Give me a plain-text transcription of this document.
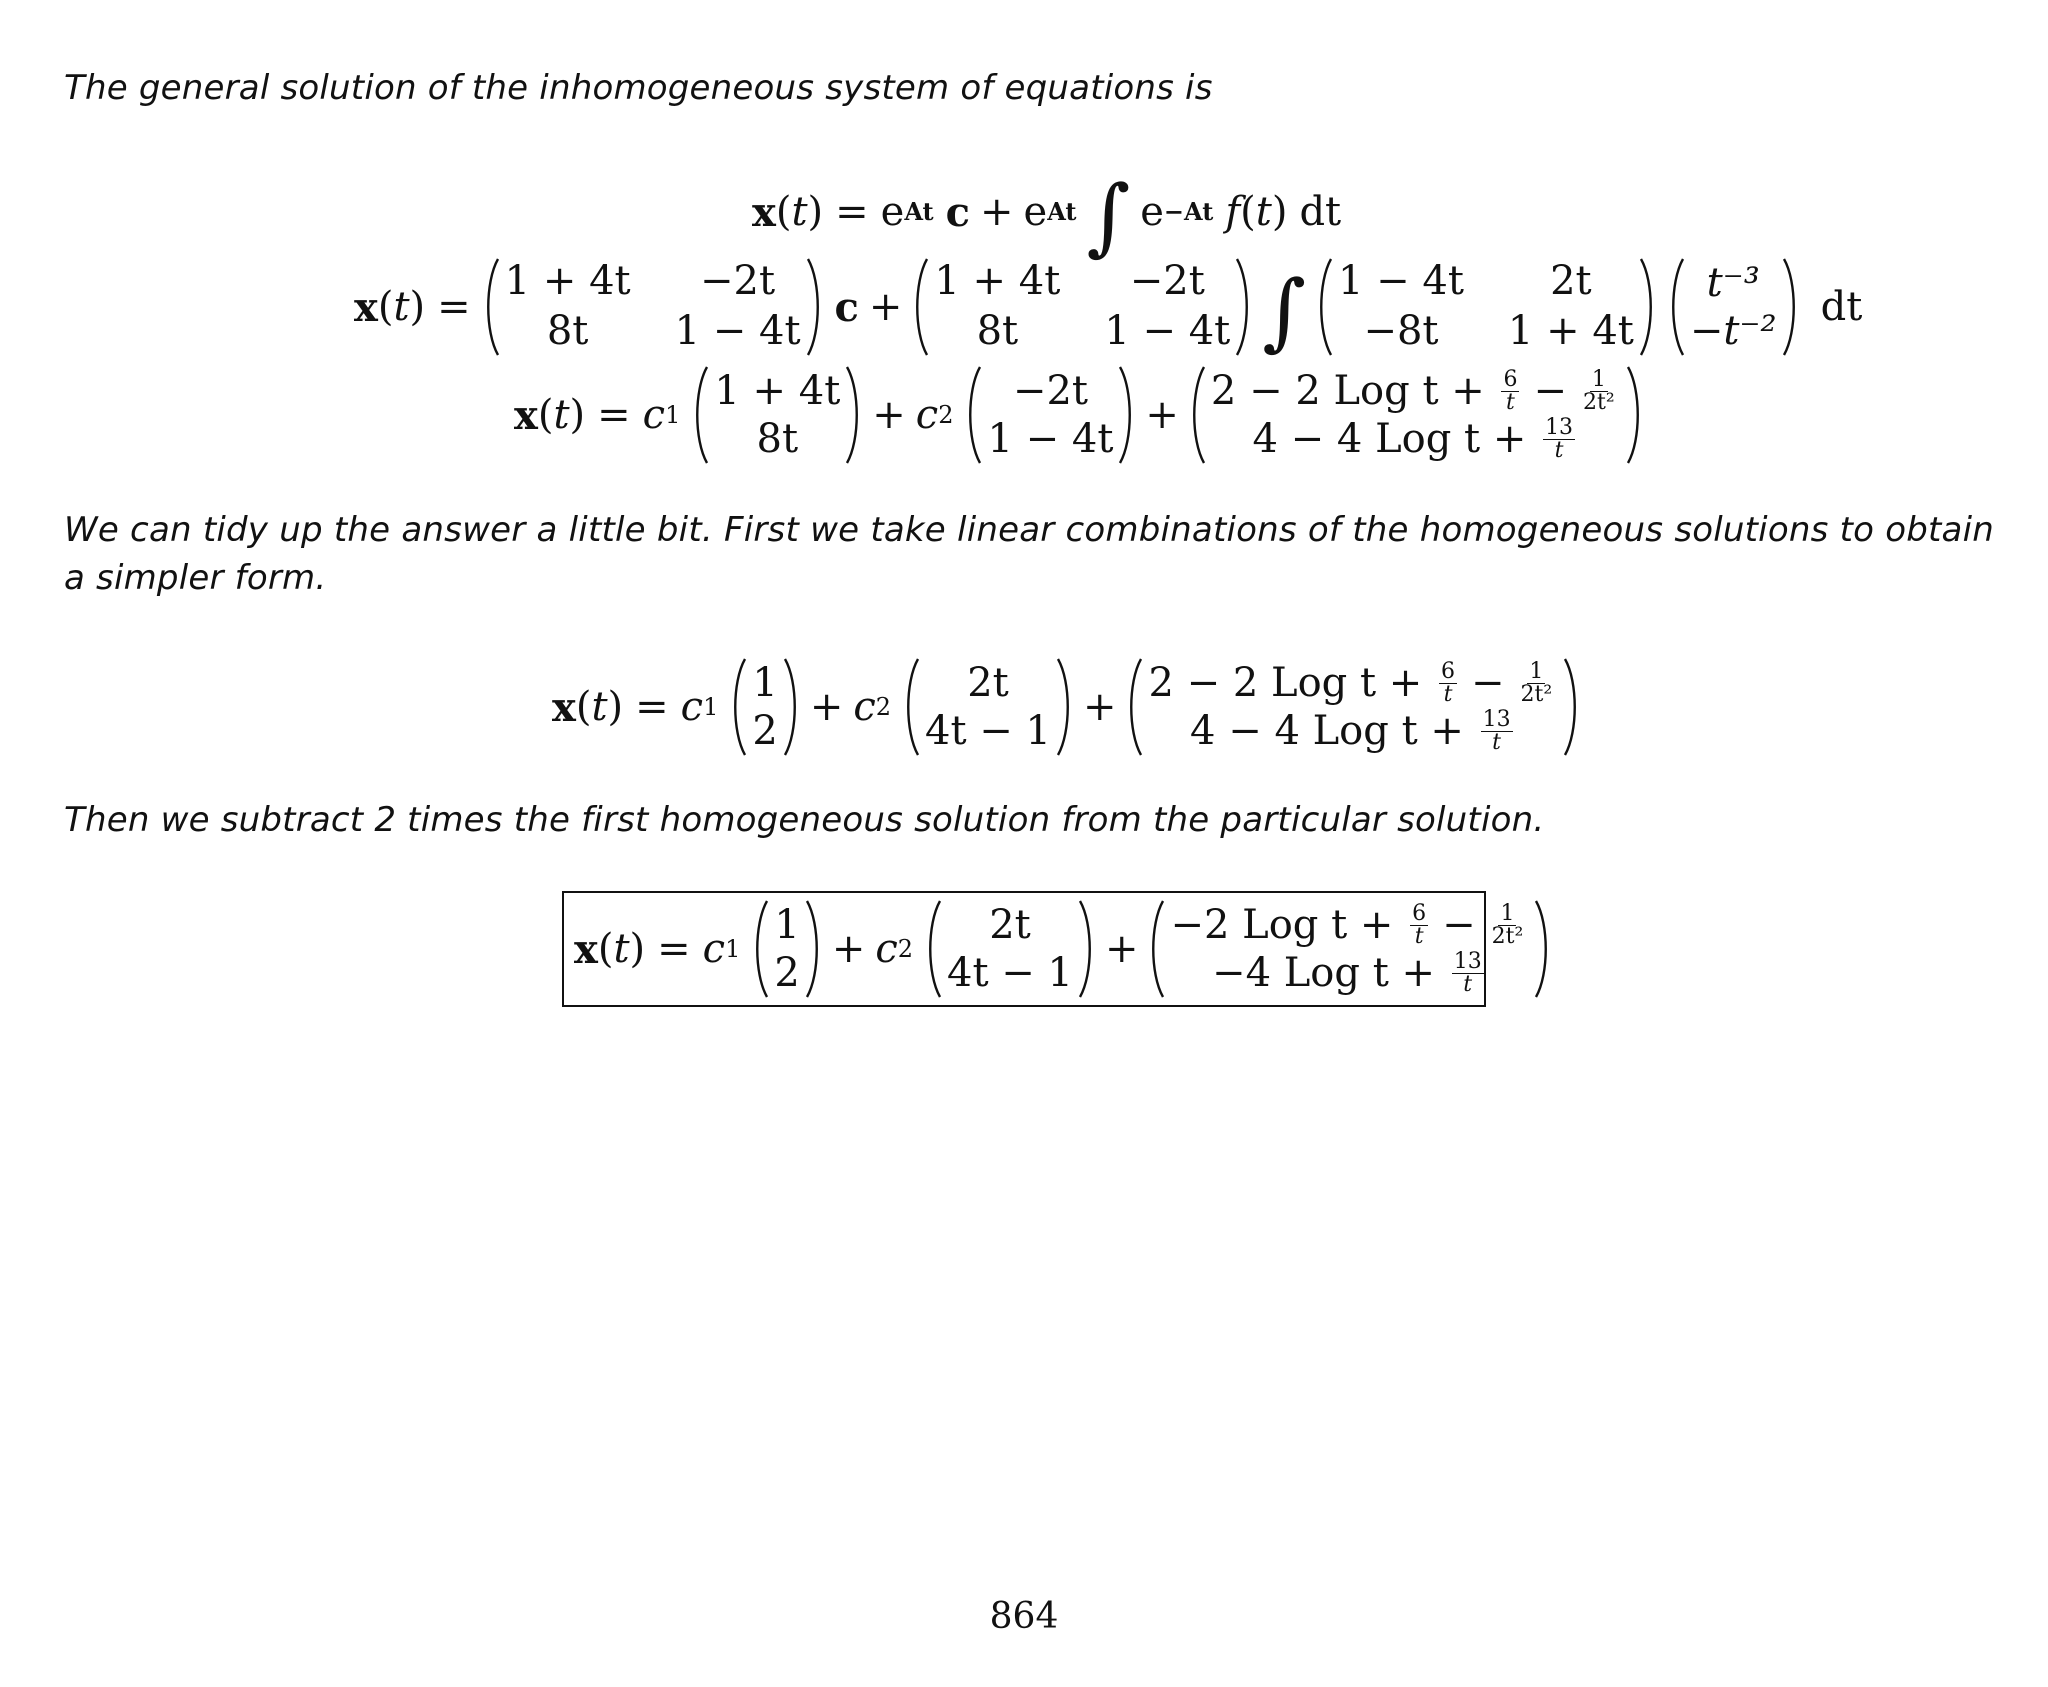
The general solution of the inhomogeneous system of equations is

x ( t ) = e At c + e At ∫ e −At f ( t ) dt
x ( t ) =
1 + 4t	−2t
8t	1 − 4t
c +
1 + 4t	−2t
8t	1 − 4t ∫ 1 − 4t	2t
−8t	1 + 4t
t⁻³
−t⁻²
dt
x ( t ) = c 1
1 + 4t
8t
+ c 2
−2t
1 − 4t
+
2 − 2 Log $t + \frac{6}{t} - \frac{1}{\text{2t²}}$
4 − 4 Log $t + \frac{13}{t}$

We can tidy up the answer a little bit. First we take linear combinations of the homogeneous solutions to obtain a simpler form.

x ( t ) = c 1
1
2
+ c 2
2t
4t − 1
+
2 − 2 Log $t + \frac{6}{t} - \frac{1}{\text{2t²}}$
4 − 4 Log $t + \frac{13}{t}$

Then we subtract 2 times the first homogeneous solution from the particular solution.

x ( t ) = c 1
1
2
+ c 2
2t
4t − 1
+
−2 Log $t + \frac{6}{t} - \frac{1}{\text{2t²}}$
−4 Log $t + \frac{13}{t}$
864
